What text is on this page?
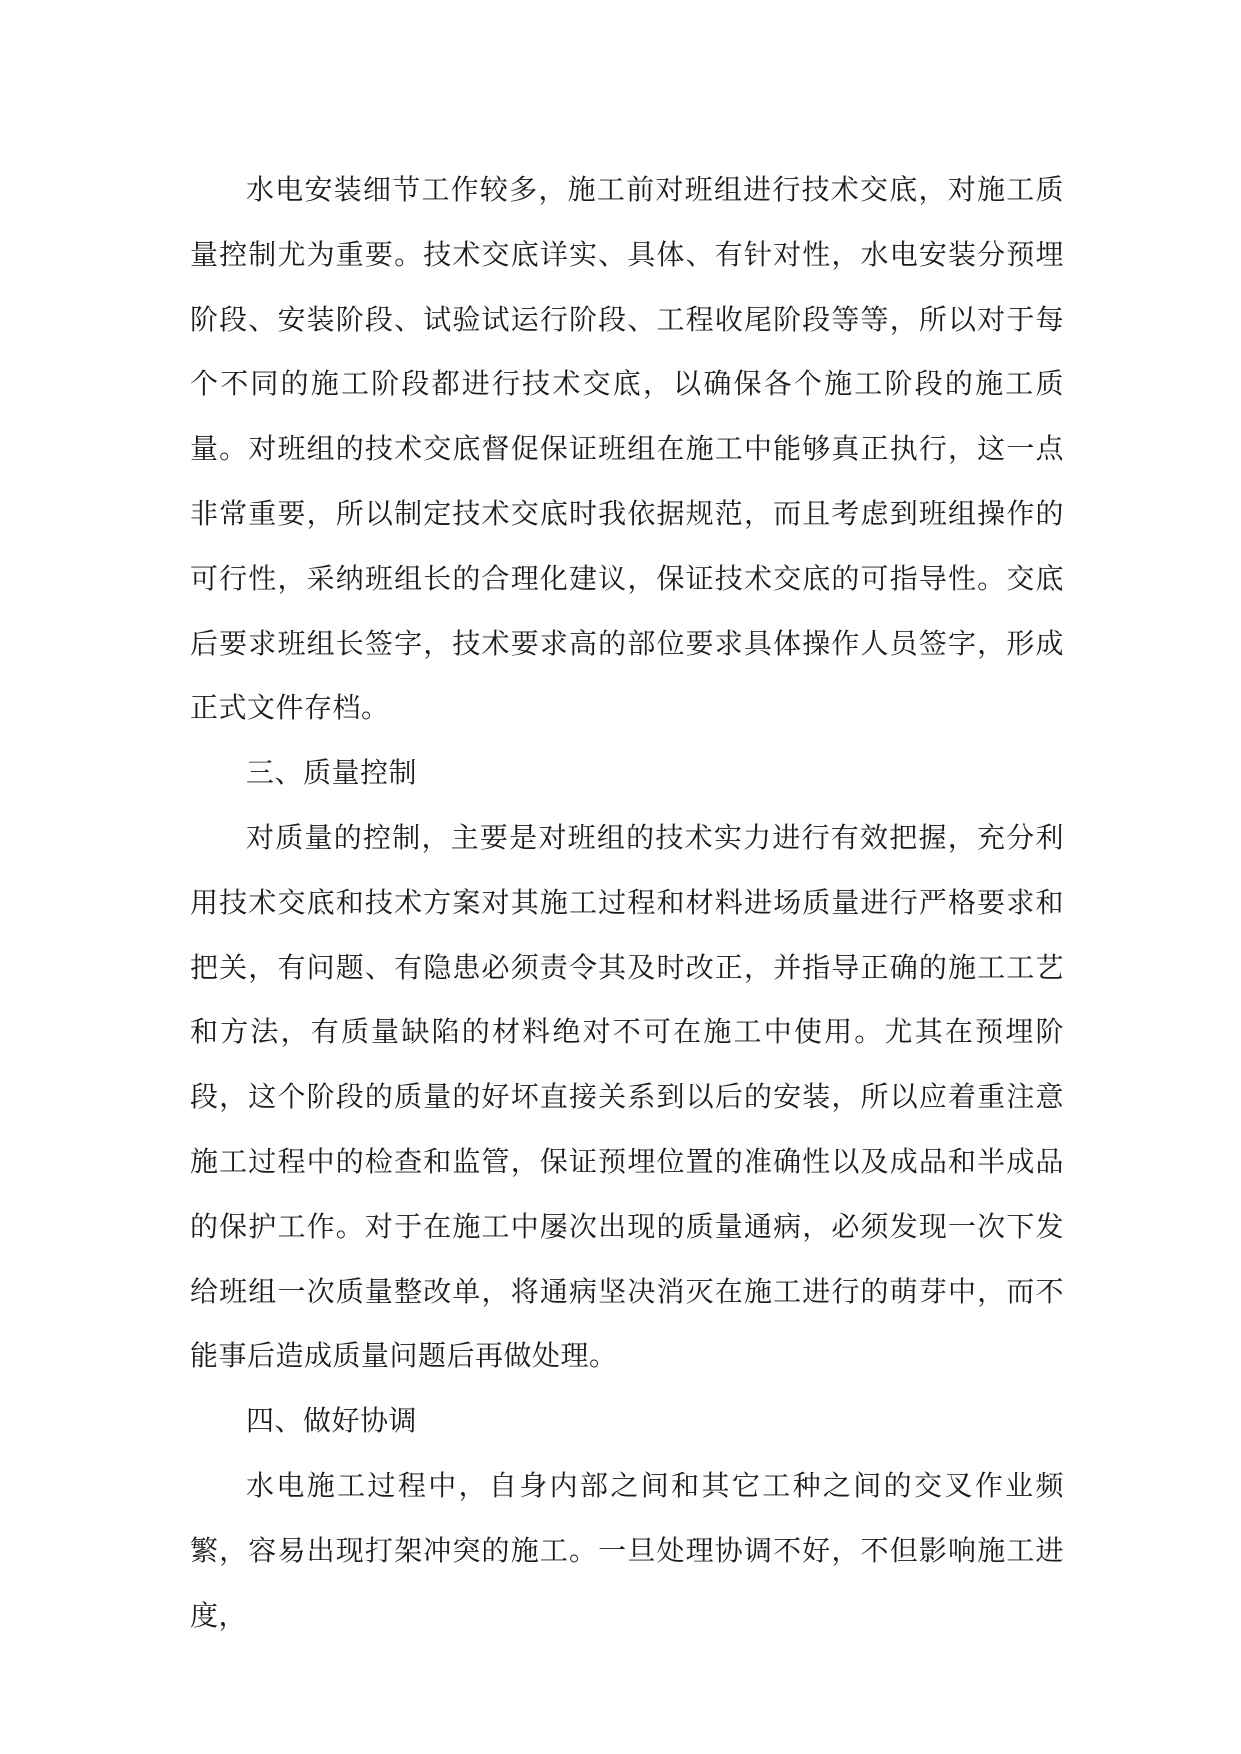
水电安装细节工作较多，施工前对班组进行技术交底，对施工质量控制尤为重要。技术交底详实、具体、有针对性，水电安装分预埋阶段、安装阶段、试验试运行阶段、工程收尾阶段等等，所以对于每个不同的施工阶段都进行技术交底，以确保各个施工阶段的施工质量。对班组的技术交底督促保证班组在施工中能够真正执行，这一点非常重要，所以制定技术交底时我依据规范，而且考虑到班组操作的可行性，采纳班组长的合理化建议，保证技术交底的可指导性。交底后要求班组长签字，技术要求高的部位要求具体操作人员签字，形成正式文件存档。

三、质量控制

对质量的控制，主要是对班组的技术实力进行有效把握，充分利用技术交底和技术方案对其施工过程和材料进场质量进行严格要求和把关，有问题、有隐患必须责令其及时改正，并指导正确的施工工艺和方法，有质量缺陷的材料绝对不可在施工中使用。尤其在预埋阶段，这个阶段的质量的好坏直接关系到以后的安装，所以应着重注意施工过程中的检查和监管，保证预埋位置的准确性以及成品和半成品的保护工作。对于在施工中屡次出现的质量通病，必须发现一次下发给班组一次质量整改单，将通病坚决消灭在施工进行的萌芽中，而不能事后造成质量问题后再做处理。

四、做好协调

水电施工过程中，自身内部之间和其它工种之间的交叉作业频繁，容易出现打架冲突的施工。一旦处理协调不好，不但影响施工进度，
